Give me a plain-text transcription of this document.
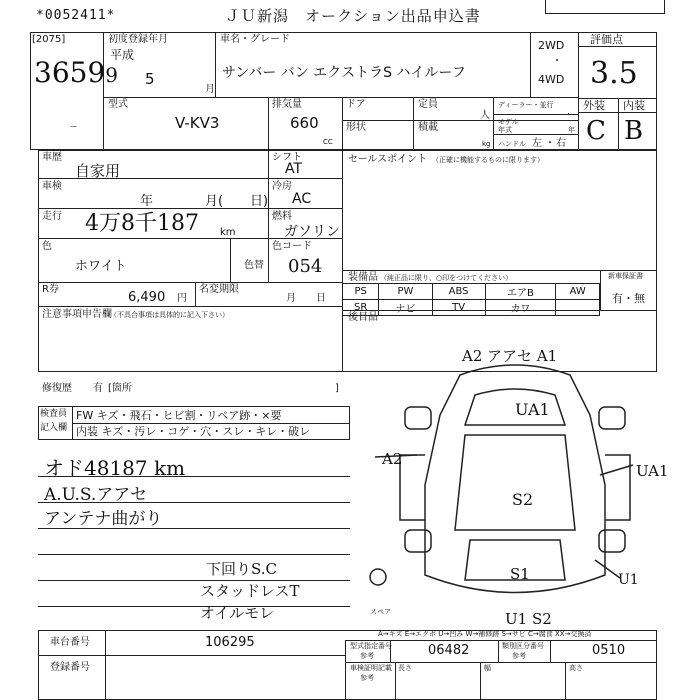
*0052411*	ＪＵ新潟　オークション出品申込書
[2075]
36599
—
初度登録年月
平成
5
月
車名・グレード
サンバー バン エクストラS ハイルーフ
2WD
・
4WD
評価点
3.5
外装 内装
C B
型式
V-KV3
排気量
660
CC
ドア
形状
定員
人
積載
kg
ディーラー・並行
・
モデル年式	年
ハンドル 左 ・ 右
車歴
自家用
シフト
AT
車検
年	月( 日)
冷房
AC
走行 4万8千187 km
燃料
ガソリン
色
ホワイト	色替
色コード
054
R券
6,490 円
名変期限
月 日
注意事項申告欄
（不具合事項は具体的に記入下さい）
修復歴 有 [箇所	]
セールスポイント （正確に機能するものに限ります）
装備品 （純正品に限り、○印をつけてください）	新車保証書
有・無
PS	PW	ABS	エアB	AW
SR	ナビ	TV	カワ	
後目品
検査員
記入欄
FW キズ・飛石・ヒビ割・リペア跡・×要
内装 キズ・汚レ・コゲ・穴・スレ・キレ・破レ
オド48187 km
A.U.S.アアセ
アンテナ曲がり
下回りS.C
スタッドレスT
オイルモレ
A2 アアセ A1
UA1
A2
UA1
S2
S1	U1
U1 S2
スペア
A→キズ E→エクボ U→凹み W→補修跡 S→サビ C→腐食 XX→交換済
車台番号	106295
登録番号
型式指定番号
参考	06482	類別区分番号
参考	0510
車検証明記載
参考
長さ	幅	高さ
